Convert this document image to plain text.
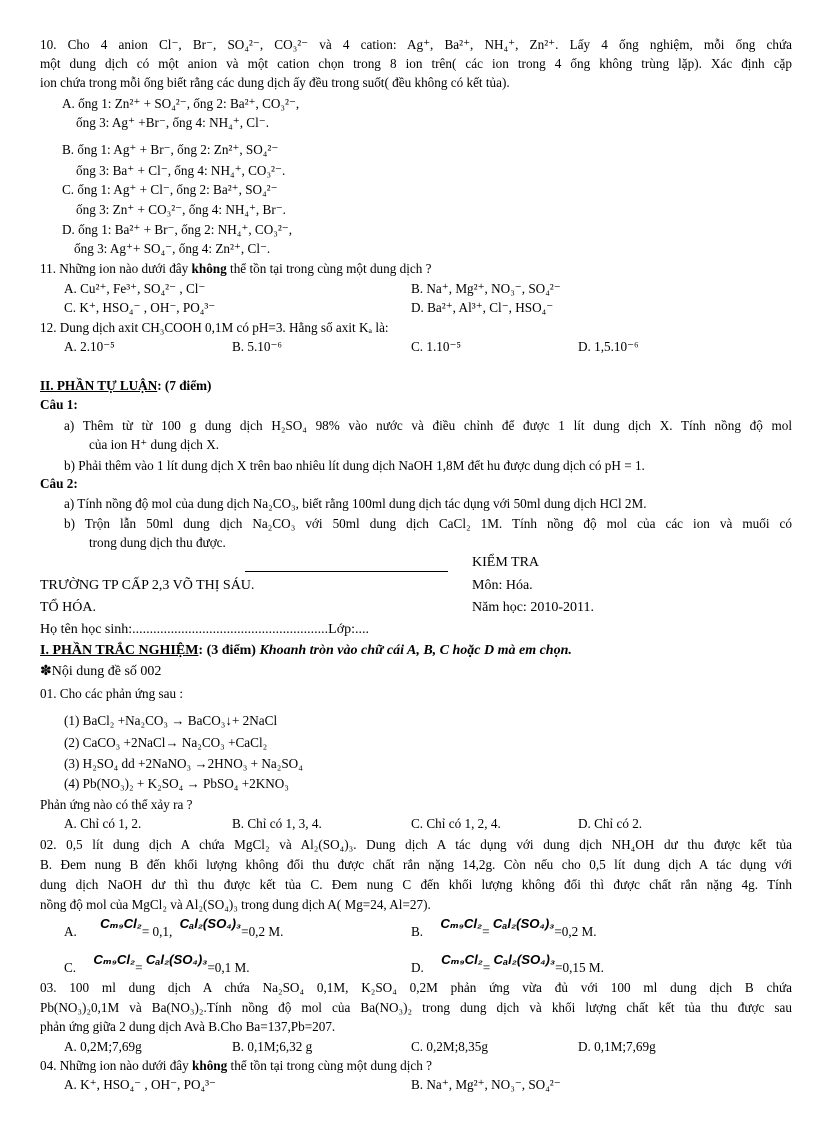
10. Cho 4 anion Cl⁻, Br⁻, SO₄²⁻, CO₃²⁻ và 4 cation: Ag⁺, Ba²⁺, NH₄⁺, Zn²⁺. Lấy 4 ống nghiệm, mỗi ống chứa
một dung dịch có một anion và một cation chọn trong 8 ion trên( các ion trong 4 ống không trùng lặp). Xác định cặp
ion chứa trong mỗi ống biết rằng các dung dịch ấy đều trong suốt( đều không có kết tủa).
A. ống 1: Zn²⁺ + SO₄²⁻, ống 2: Ba²⁺, CO₃²⁻,
ống 3: Ag⁺ +Br⁻, ống 4: NH₄⁺, Cl⁻.
B. ống 1: Ag⁺ + Br⁻, ống 2: Zn²⁺, SO₄²⁻
ống 3: Ba⁺ + Cl⁻, ống 4: NH₄⁺, CO₃²⁻.
C. ống 1: Ag⁺ + Cl⁻, ống 2: Ba²⁺, SO₄²⁻
ống 3: Zn⁺ + CO₃²⁻, ống 4: NH₄⁺, Br⁻.
D. ống 1: Ba²⁺ + Br⁻, ống 2: NH₄⁺, CO₃²⁻,
ống 3: Ag⁺+ SO₄⁻, ống 4: Zn²⁺, Cl⁻.
11. Những ion nào dưới đây không thể tồn tại trong cùng một dung dịch ?
A. Cu²⁺, Fe³⁺, SO₄²⁻ , Cl⁻	B. Na⁺, Mg²⁺, NO₃⁻, SO₄²⁻
C. K⁺, HSO₄⁻ , OH⁻, PO₄³⁻	D. Ba²⁺, Al³⁺, Cl⁻, HSO₄⁻
12. Dung dịch axit CH₃COOH 0,1M có pH=3. Hằng số axit Kₐ là:
A. 2.10⁻⁵	B. 5.10⁻⁶	C. 1.10⁻⁵	D. 1,5.10⁻⁶
II. PHẦN TỰ LUẬN: (7 điểm)
Câu 1:
a) Thêm từ từ 100 g dung dịch H₂SO₄ 98% vào nước và điều chỉnh để được 1 lít dung dịch X. Tính nồng độ mol
của ion H⁺ dung dịch X.
b) Phải thêm vào 1 lít dung dịch X trên bao nhiêu lít dung dịch NaOH 1,8M đểt hu được dung dịch có pH = 1.
Câu 2:
a) Tính nồng độ mol của dung dịch Na₂CO₃, biết rằng 100ml dung dịch tác dụng với 50ml dung dịch HCl 2M.
b) Trộn lẫn 50ml dung dịch Na₂CO₃ với 50ml dung dịch CaCl₂ 1M. Tính nồng độ mol của các ion và muối có
trong dung dịch thu được.
KIỂM TRA
TRƯỜNG TP CẤP 2,3 VÕ THỊ SÁU.	Môn: Hóa.
TỔ HÓA.	Năm học: 2010-2011.
Họ tên học sinh:........................................................Lớp:....
I. PHẦN TRẮC NGHIỆM: (3 điểm) Khoanh tròn vào chữ cái A, B, C hoặc D mà em chọn.
✽Nội dung đề số 002
01. Cho các phản ứng sau :
(1) BaCl₂ +Na₂CO₃ → BaCO₃↓+ 2NaCl
(2) CaCO₃ +2NaCl→ Na₂CO₃ +CaCl₂
(3) H₂SO₄ dd +2NaNO₃ →2HNO₃ + Na₂SO₄
(4) Pb(NO₃)₂ + K₂SO₄ → PbSO₄ +2KNO₃
Phản ứng nào có thể xảy ra ?
A. Chỉ có 1, 2.	B. Chỉ có 1, 3, 4.	C. Chỉ có 1, 2, 4.	D. Chỉ có 2.
02. 0,5 lít dung dịch A chứa MgCl₂ và Al₂(SO₄)₃. Dung dịch A tác dụng với dung dịch NH₄OH dư thu được kết tủa
B. Đem nung B đến khối lượng không đổi thu được chất rắn nặng 14,2g. Còn nếu cho 0,5 lít dung dịch A tác dụng với
dung dịch NaOH dư thì thu được kết tủa C. Đem nung C đến khối lượng không đổi thì được chất rắn nặng 4g. Tính
nồng độ mol của MgCl₂ và Al₂(SO₄)₃ trong dung dịch A( Mg=24, Al=27).
A. Cₘ₉Cl₂= 0,1, Cₐl₂(SO₄)₃=0,2 M.	B. Cₘ₉Cl₂= Cₐl₂(SO₄)₃=0,2 M.
C. Cₘ₉Cl₂= Cₐl₂(SO₄)₃=0,1 M.	D. Cₘ₉Cl₂= Cₐl₂(SO₄)₃=0,15 M.
03. 100 ml dung dịch A chứa Na₂SO₄ 0,1M, K₂SO₄ 0,2M phản ứng vừa đủ với 100 ml dung dịch B chứa
Pb(NO₃)₂0,1M và Ba(NO₃)₂.Tính nồng độ mol của Ba(NO₃)₂ trong dung dịch và khối lượng chất kết tủa thu được sau
phản ứng giữa 2 dung dịch Avà B.Cho Ba=137,Pb=207.
A. 0,2M;7,69g	B. 0,1M;6,32 g	C. 0,2M;8,35g	D. 0,1M;7,69g
04. Những ion nào dưới đây không thể tồn tại trong cùng một dung dịch ?
A. K⁺, HSO₄⁻ , OH⁻, PO₄³⁻	B. Na⁺, Mg²⁺, NO₃⁻, SO₄²⁻
